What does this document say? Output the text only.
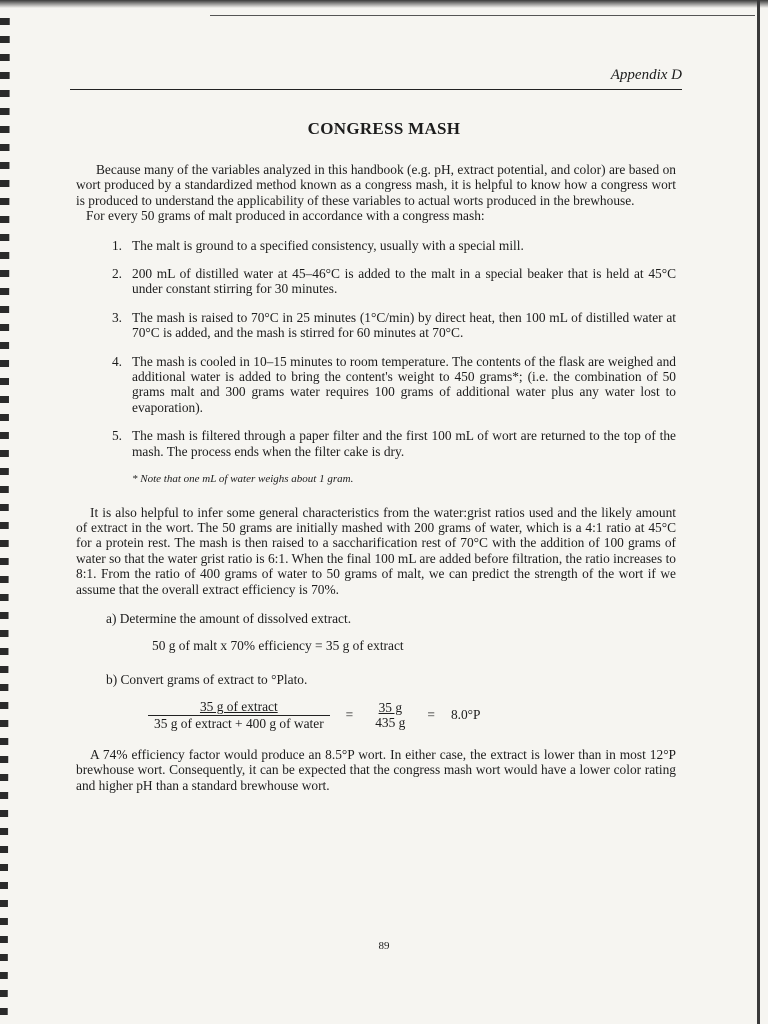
Appendix D
CONGRESS MASH

Because many of the variables analyzed in this handbook (e.g. pH, extract potential, and color) are based on wort produced by a standardized method known as a congress mash, it is helpful to know how a congress wort is produced to understand the applicability of these variables to actual worts produced in the brewhouse.

For every 50 grams of malt produced in accordance with a congress mash:

1. The malt is ground to a specified consistency, usually with a special mill.
2. 200 mL of distilled water at 45–46°C is added to the malt in a special beaker that is held at 45°C under constant stirring for 30 minutes.
3. The mash is raised to 70°C in 25 minutes (1°C/min) by direct heat, then 100 mL of distilled water at 70°C is added, and the mash is stirred for 60 minutes at 70°C.
4. The mash is cooled in 10–15 minutes to room temperature. The contents of the flask are weighed and additional water is added to bring the content's weight to 450 grams*; (i.e. the combination of 50 grams malt and 300 grams water requires 100 grams of additional water plus any water lost to evaporation).
5. The mash is filtered through a paper filter and the first 100 mL of wort are returned to the top of the mash. The process ends when the filter cake is dry.

* Note that one mL of water weighs about 1 gram.

It is also helpful to infer some general characteristics from the water:grist ratios used and the likely amount of extract in the wort. The 50 grams are initially mashed with 200 grams of water, which is a 4:1 ratio at 45°C for a protein rest. The mash is then raised to a saccharification rest of 70°C with the addition of 100 grams of water so that the water grist ratio is 6:1. When the final 100 mL are added before filtration, the ratio increases to 8:1. From the ratio of 400 grams of water to 50 grams of malt, we can predict the strength of the wort if we assume that the overall extract efficiency is 70%.

a) Determine the amount of dissolved extract.

50 g of malt x 70% efficiency = 35 g of extract

b) Convert grams of extract to °Plato.

$\frac{\text{35 g of extract}}{\text{35 g of extract + 400 g of water}} = \frac{35 g}{435 g} = 8.0^\circ P$

A 74% efficiency factor would produce an 8.5°P wort. In either case, the extract is lower than in most 12°P brewhouse wort. Consequently, it can be expected that the congress mash wort would have a lower color rating and higher pH than a standard brewhouse wort.

89
